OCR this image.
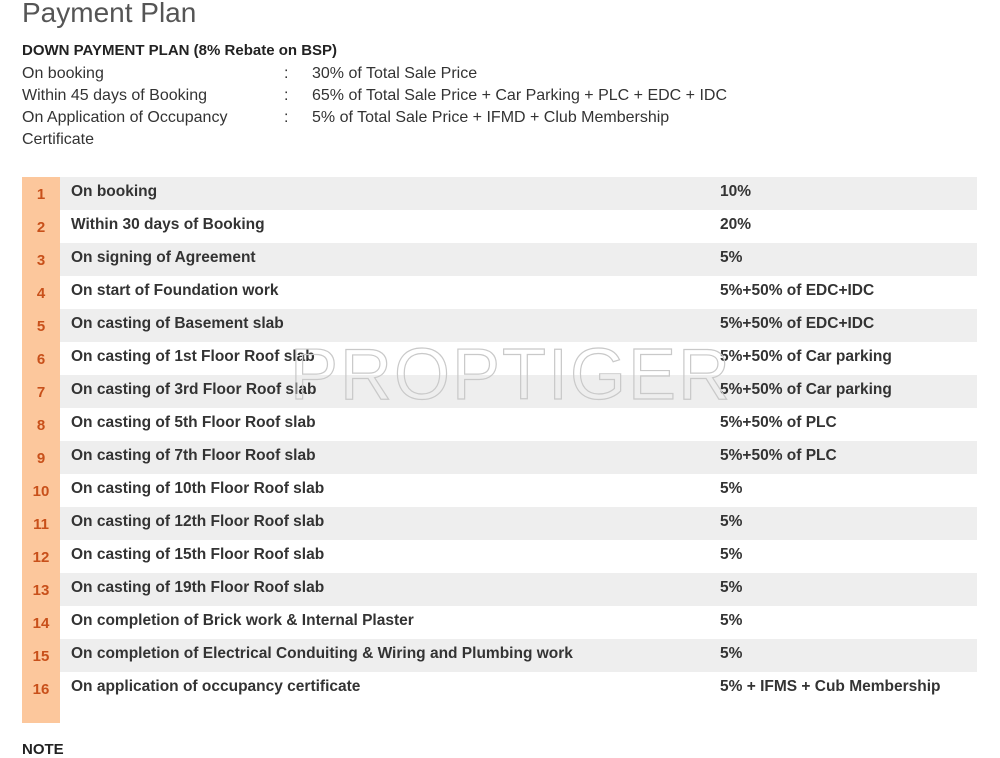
Payment Plan
DOWN PAYMENT PLAN (8% Rebate on BSP)
On booking	:	30% of Total Sale Price
Within 45 days of Booking	:	65% of Total Sale Price + Car Parking + PLC + EDC + IDC
On Application of Occupancy Certificate	:	5% of Total Sale Price + IFMD + Club Membership
1	On booking	10%
2	Within 30 days of Booking	20%
3	On signing of Agreement	5%
4	On start of Foundation work	5%+50% of EDC+IDC
5	On casting of Basement slab	5%+50% of EDC+IDC
6	On casting of 1st Floor Roof slab	5%+50% of Car parking
7	On casting of 3rd Floor Roof slab	5%+50% of Car parking
8	On casting of 5th Floor Roof slab	5%+50% of PLC
9	On casting of 7th Floor Roof slab	5%+50% of PLC
10	On casting of 10th Floor Roof slab	5%
11	On casting of 12th Floor Roof slab	5%
12	On casting of 15th Floor Roof slab	5%
13	On casting of 19th Floor Roof slab	5%
14	On completion of Brick work & Internal Plaster	5%
15	On completion of Electrical Conduiting & Wiring and Plumbing work	5%
16	On application of occupancy certificate	5% + IFMS + Cub Membership
NOTE
